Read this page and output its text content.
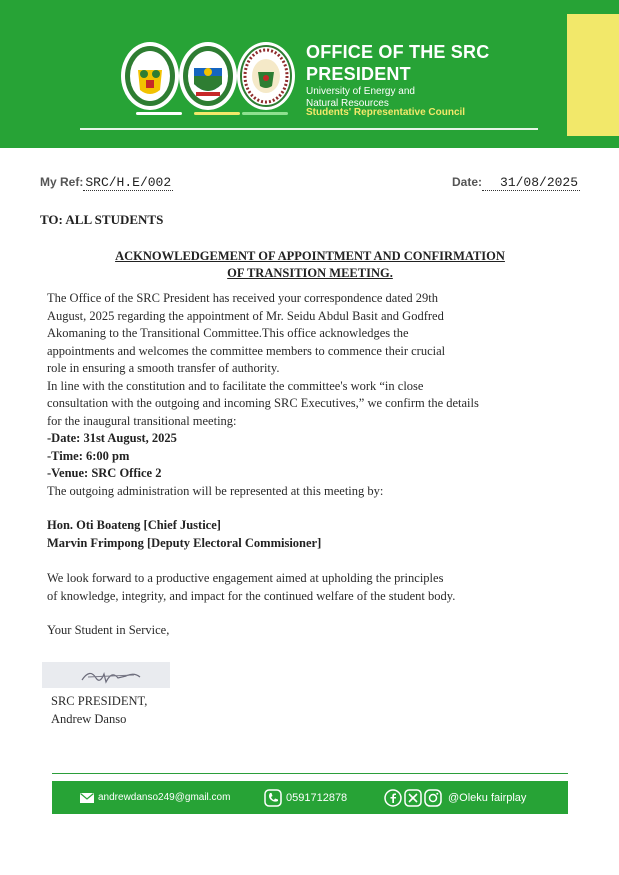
OFFICE OF THE SRC
PRESIDENT
University of Energy and
Natural Resources
Students' Representative Council
My Ref: SRC/H.E/002	Date: 31/08/2025
TO: ALL STUDENTS
ACKNOWLEDGEMENT OF APPOINTMENT AND CONFIRMATION
OF TRANSITION MEETING.
The Office of the SRC President has received your correspondence dated 29th
August, 2025 regarding the appointment of Mr. Seidu Abdul Basit and Godfred
Akomaning to the Transitional Committee.This office acknowledges the
appointments and welcomes the committee members to commence their crucial
role in ensuring a smooth transfer of authority.
In line with the constitution and to facilitate the committee's work “in close
consultation with the outgoing and incoming SRC Executives,” we confirm the details
for the inaugural transitional meeting:
-Date: 31st August, 2025
-Time: 6:00 pm
-Venue: SRC Office 2
The outgoing administration will be represented at this meeting by:
Hon. Oti Boateng [Chief Justice]
Marvin Frimpong [Deputy Electoral Commisioner]
We look forward to a productive engagement aimed at upholding the principles
of knowledge, integrity, and impact for the continued welfare of the student body.
Your Student in Service,
SRC PRESIDENT,
Andrew Danso
andrewdanso249@gmail.com	0591712878	@Oleku fairplay
